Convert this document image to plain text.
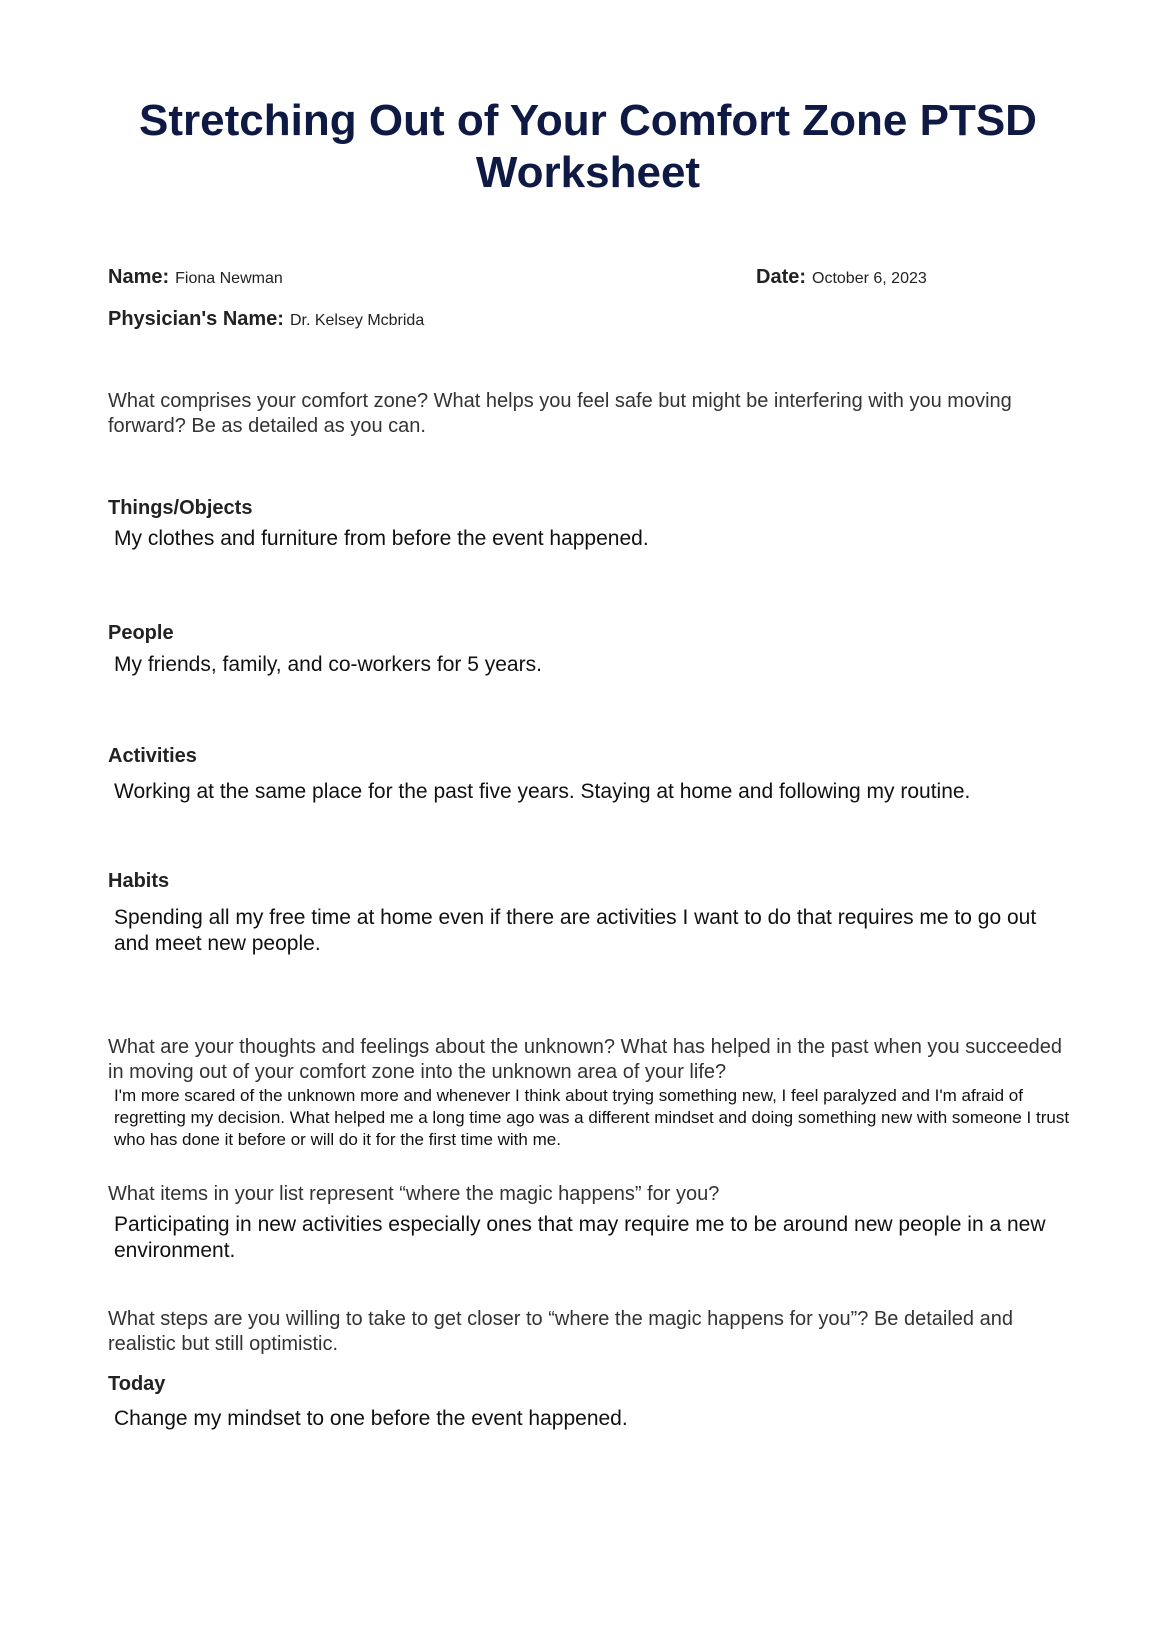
Stretching Out of Your Comfort Zone PTSD Worksheet
Name: Fiona Newman	Date: October 6, 2023
Physician's Name: Dr. Kelsey Mcbrida
What comprises your comfort zone? What helps you feel safe but might be interfering with you moving forward? Be as detailed as you can.
Things/Objects
My clothes and furniture from before the event happened.
People
My friends, family, and co-workers for 5 years.
Activities
Working at the same place for the past five years. Staying at home and following my routine.
Habits
Spending all my free time at home even if there are activities I want to do that requires me to go out and meet new people.
What are your thoughts and feelings about the unknown? What has helped in the past when you succeeded in moving out of your comfort zone into the unknown area of your life?
I'm more scared of the unknown more and whenever I think about trying something new, I feel paralyzed and I'm afraid of regretting my decision. What helped me a long time ago was a different mindset and doing something new with someone I trust who has done it before or will do it for the first time with me.
What items in your list represent “where the magic happens” for you?
Participating in new activities especially ones that may require me to be around new people in a new environment.
What steps are you willing to take to get closer to “where the magic happens for you”? Be detailed and realistic but still optimistic.
Today
Change my mindset to one before the event happened.
